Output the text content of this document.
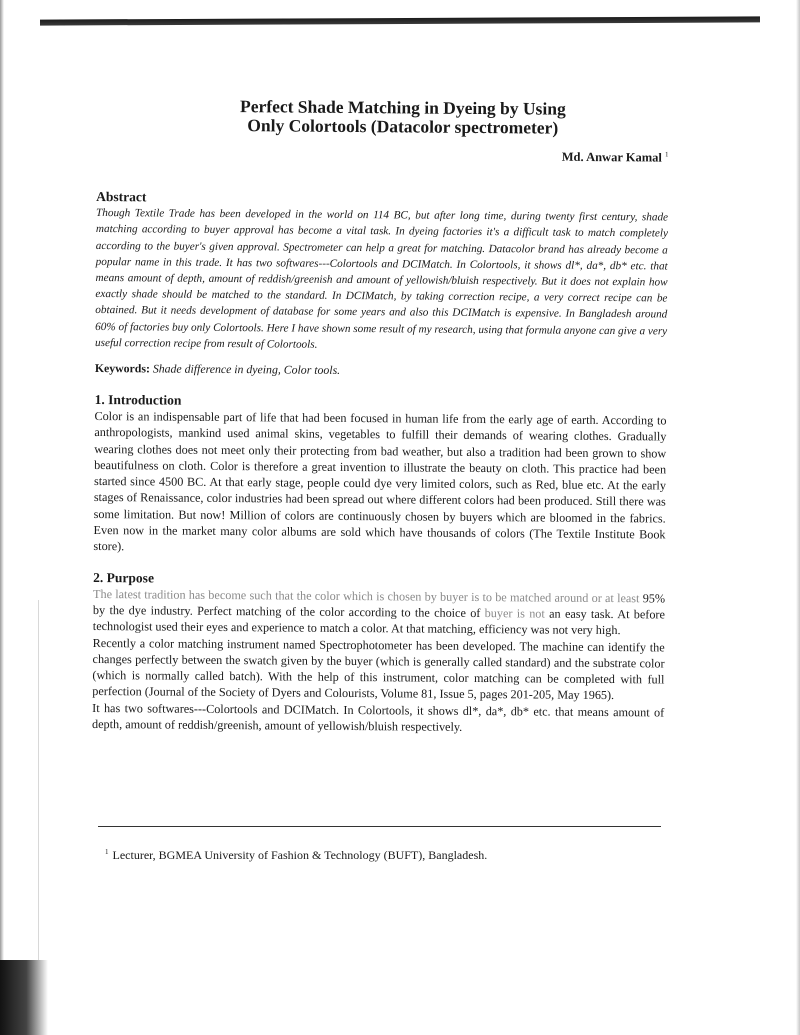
Perfect Shade Matching in Dyeing by Using
Only Colortools (Datacolor spectrometer)
Md. Anwar Kamal $^1$
Abstract

Though Textile Trade has been developed in the world on 114 BC, but after long time, during twenty first century, shade matching according to buyer approval has become a vital task. In dyeing factories it's a difficult task to match completely according to the buyer's given approval. Spectrometer can help a great for matching. Datacolor brand has already become a popular name in this trade. It has two softwares---Colortools and DCIMatch. In Colortools, it shows dl*, da*, db* etc. that means amount of depth, amount of reddish/greenish and amount of yellowish/bluish respectively. But it does not explain how exactly shade should be matched to the standard. In DCIMatch, by taking correction recipe, a very correct recipe can be obtained. But it needs development of database for some years and also this DCIMatch is expensive. In Bangladesh around 60% of factories buy only Colortools. Here I have shown some result of my research, using that formula anyone can give a very useful correction recipe from result of Colortools.

Keywords: Shade difference in dyeing, Color tools.

1. Introduction

Color is an indispensable part of life that had been focused in human life from the early age of earth. According to anthropologists, mankind used animal skins, vegetables to fulfill their demands of wearing clothes. Gradually wearing clothes does not meet only their protecting from bad weather, but also a tradition had been grown to show beautifulness on cloth. Color is therefore a great invention to illustrate the beauty on cloth. This practice had been started since 4500 BC. At that early stage, people could dye very limited colors, such as Red, blue etc. At the early stages of Renaissance, color industries had been spread out where different colors had been produced. Still there was some limitation. But now! Million of colors are continuously chosen by buyers which are bloomed in the fabrics. Even now in the market many color albums are sold which have thousands of colors (The Textile Institute Book store).

2. Purpose

The latest tradition has become such that the color which is chosen by buyer is to be matched around or at least 95% by the dye industry. Perfect matching of the color according to the choice of buyer is not an easy task. At before technologist used their eyes and experience to match a color. At that matching, efficiency was not very high.

Recently a color matching instrument named Spectrophotometer has been developed. The machine can identify the changes perfectly between the swatch given by the buyer (which is generally called standard) and the substrate color (which is normally called batch). With the help of this instrument, color matching can be completed with full perfection (Journal of the Society of Dyers and Colourists, Volume 81, Issue 5, pages 201-205, May 1965).

It has two softwares---Colortools and DCIMatch. In Colortools, it shows dl*, da*, db* etc. that means amount of depth, amount of reddish/greenish, amount of yellowish/bluish respectively.

$^1$ Lecturer, BGMEA University of Fashion & Technology (BUFT), Bangladesh.
